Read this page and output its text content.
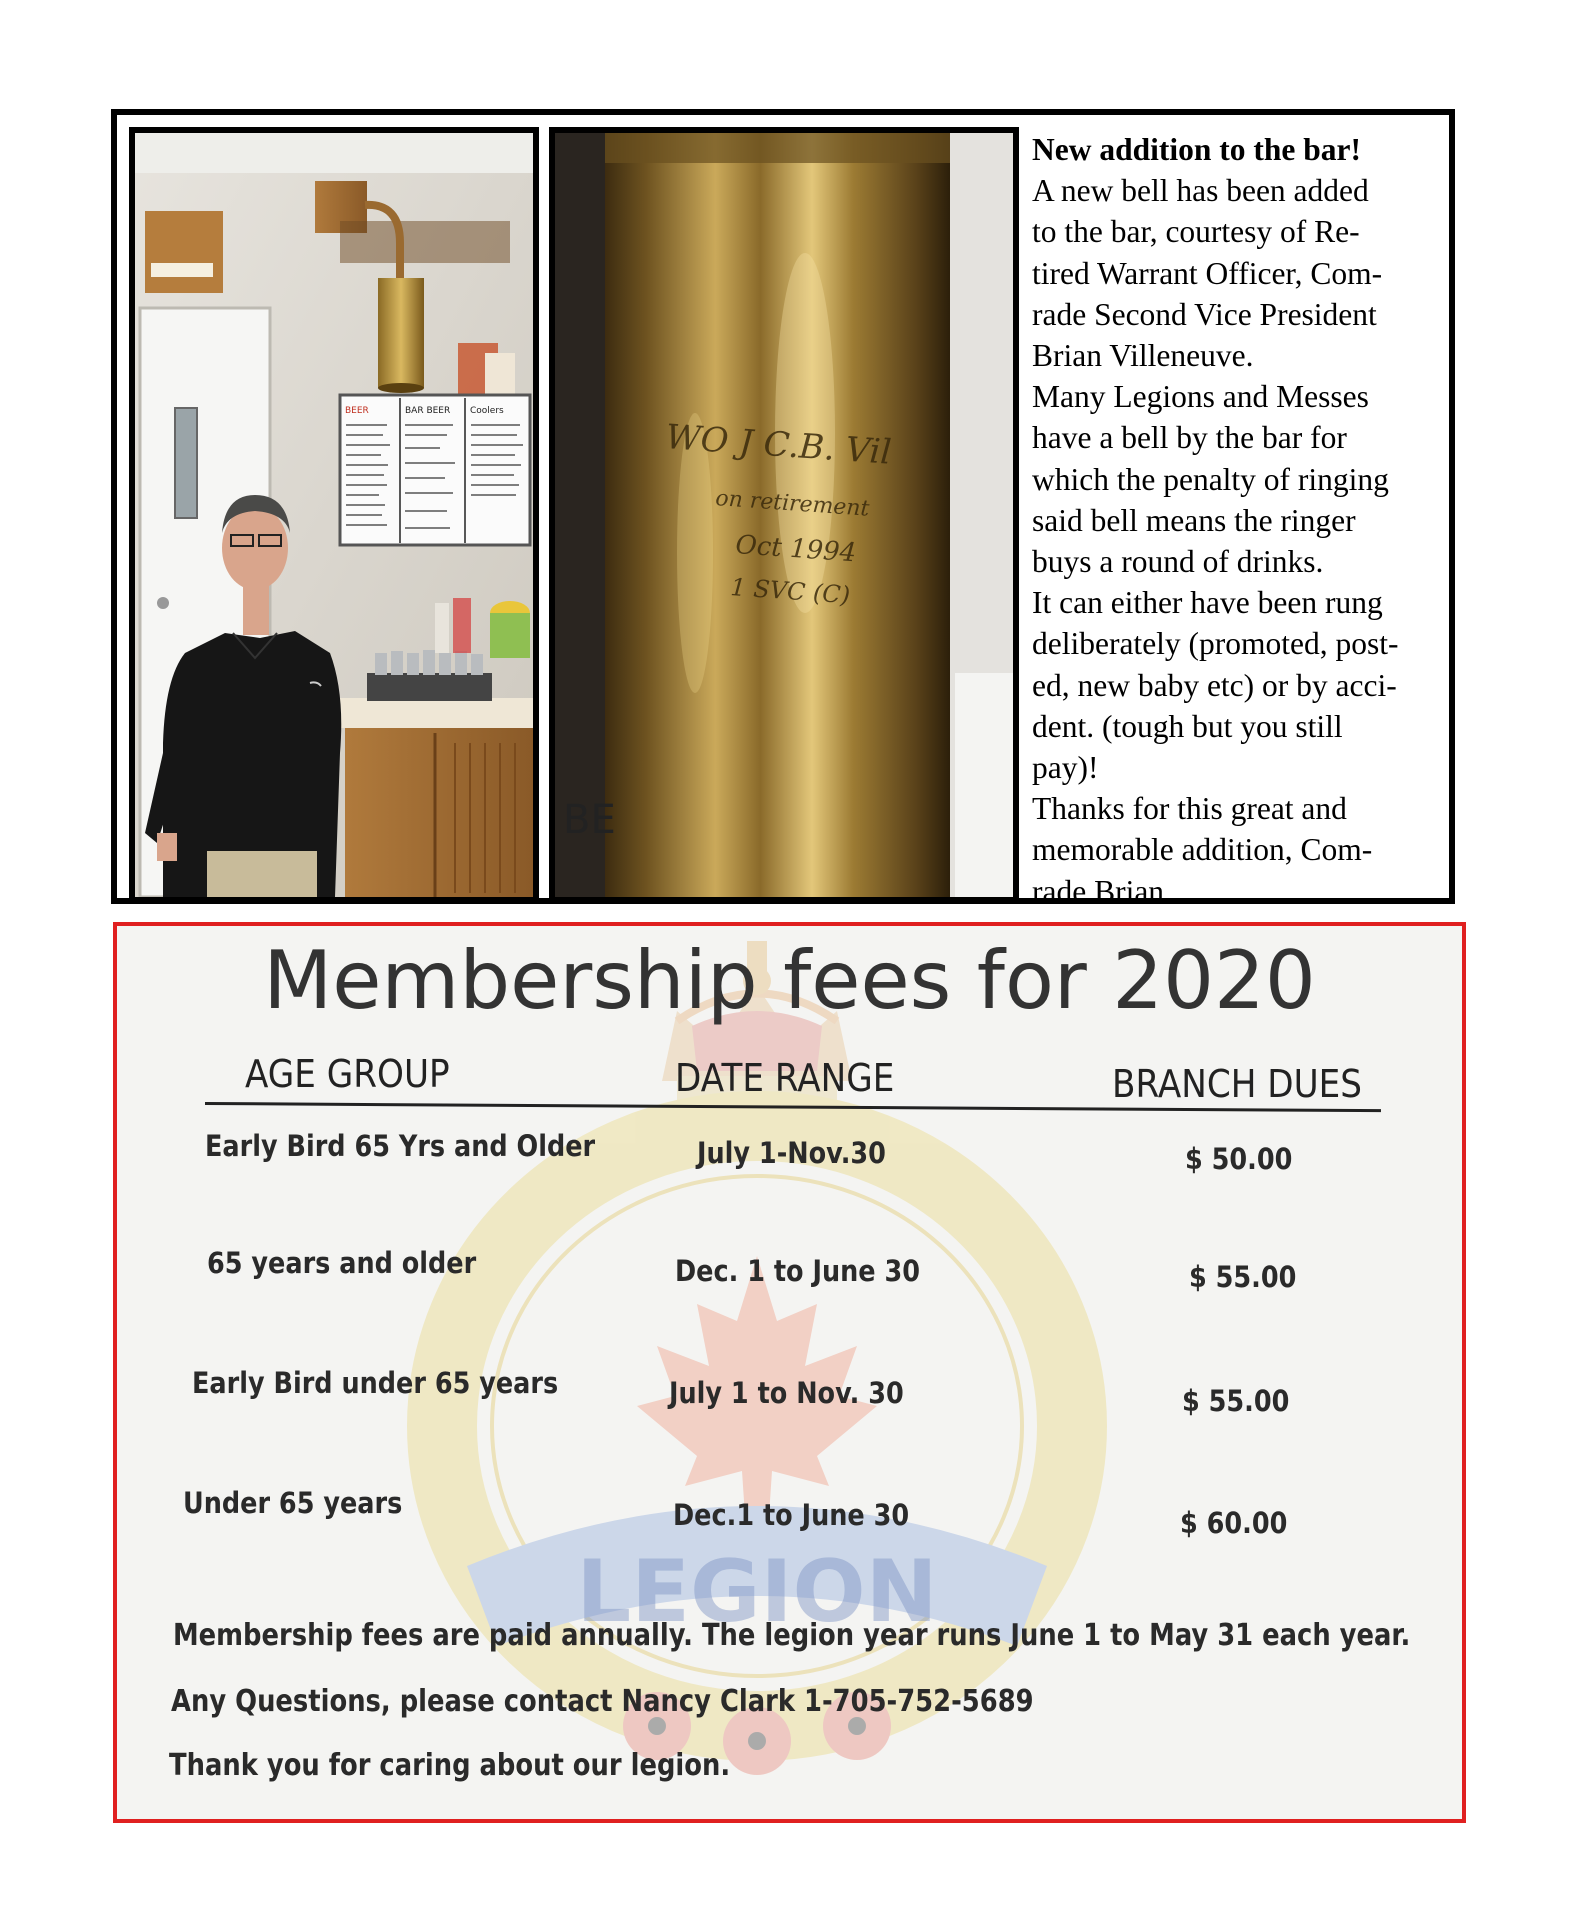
BEER	BAR BEER Coolers
WO J C.B. Vil
on retirement
Oct 1994
1 SVC (C)
BE

New addition to the bar!

A new bell has been added

to the bar, courtesy of Re-

tired Warrant Officer, Com-

rade Second Vice President

Brian Villeneuve.

Many Legions and Messes

have a bell by the bar for

which the penalty of ringing

said bell means the ringer

buys a round of drinks.

It can either have been rung

deliberately (promoted, post-

ed, new baby etc) or by acci-

dent. (tough but you still

pay)!

Thanks for this great and

memorable addition, Com-

rade Brian.

LEGION
Membership fees for 2020
AGE GROUP	DATE RANGE	BRANCH DUES
Early Bird 65 Yrs and Older	July 1-Nov.30	$ 50.00
65 years and older	Dec. 1 to June 30	$ 55.00
Early Bird under 65 years	July 1 to Nov. 30	$ 55.00
Under 65 years	Dec.1 to June 30	$ 60.00
Membership fees are paid annually. The legion year runs June 1 to May 31 each year.
Any Questions, please contact Nancy Clark 1-705-752-5689
Thank you for caring about our legion.
